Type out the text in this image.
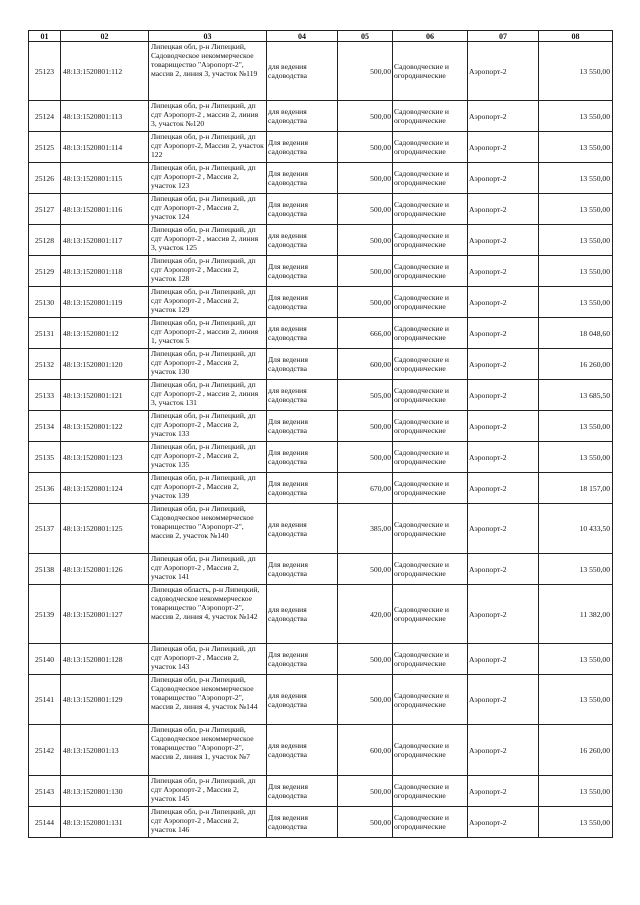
01	02	03	04	05	06	07	08
25123	48:13:1520801:112	Липецкая обл, р-н Липецкий, Садоводческое некоммерческое товарищество "Аэропорт-2", массив 2, линия 3, участок №119	для ведения садоводства	500,00	Садоводческие и огороднические	Аэропорт-2	13 550,00
25124	48:13:1520801:113	Липецкая обл, р-н Липецкий, дп сдт Аэропорт-2 , массив 2, линия 3, участок №120	для ведения садоводства	500,00	Садоводческие и огороднические	Аэропорт-2	13 550,00
25125	48:13:1520801:114	Липецкая обл, р-н Липецкий, дп сдт Аэропорт-2, Массив 2, участок 122	Для ведения садоводства	500,00	Садоводческие и огороднические	Аэропорт-2	13 550,00
25126	48:13:1520801:115	Липецкая обл, р-н Липецкий, дп сдт Аэропорт-2 , Массив 2, участок 123	Для ведения садоводства	500,00	Садоводческие и огороднические	Аэропорт-2	13 550,00
25127	48:13:1520801:116	Липецкая обл, р-н Липецкий, дп сдт Аэропорт-2 , Массив 2, участок 124	Для ведения садоводства	500,00	Садоводческие и огороднические	Аэропорт-2	13 550,00
25128	48:13:1520801:117	Липецкая обл, р-н Липецкий, дп сдт Аэропорт-2 , массив 2, линия 3, участок 125	для ведения садоводства	500,00	Садоводческие и огороднические	Аэропорт-2	13 550,00
25129	48:13:1520801:118	Липецкая обл, р-н Липецкий, дп сдт Аэропорт-2 , Массив 2, участок 128	Для ведения садоводства	500,00	Садоводческие и огороднические	Аэропорт-2	13 550,00
25130	48:13:1520801:119	Липецкая обл, р-н Липецкий, дп сдт Аэропорт-2 , Массив 2, участок 129	Для ведения садоводства	500,00	Садоводческие и огороднические	Аэропорт-2	13 550,00
25131	48:13:1520801:12	Липецкая обл, р-н Липецкий, дп сдт Аэропорт-2 , массив 2, линия 1, участок 5	для ведения садоводства	666,00	Садоводческие и огороднические	Аэропорт-2	18 048,60
25132	48:13:1520801:120	Липецкая обл, р-н Липецкий, дп сдт Аэропорт-2 , Массив 2, участок 130	Для ведения садоводства	600,00	Садоводческие и огороднические	Аэропорт-2	16 260,00
25133	48:13:1520801:121	Липецкая обл, р-н Липецкий, дп сдт Аэропорт-2 , массив 2, линия 3, участок 131	для ведения садоводства	505,00	Садоводческие и огороднические	Аэропорт-2	13 685,50
25134	48:13:1520801:122	Липецкая обл, р-н Липецкий, дп сдт Аэропорт-2 , Массив 2, участок 133	Для ведения садоводства	500,00	Садоводческие и огороднические	Аэропорт-2	13 550,00
25135	48:13:1520801:123	Липецкая обл, р-н Липецкий, дп сдт Аэропорт-2 , Массив 2, участок 135	Для ведения садоводства	500,00	Садоводческие и огороднические	Аэропорт-2	13 550,00
25136	48:13:1520801:124	Липецкая обл, р-н Липецкий, дп сдт Аэропорт-2 , Массив 2, участок 139	Для ведения садоводства	670,00	Садоводческие и огороднические	Аэропорт-2	18 157,00
25137	48:13:1520801:125	Липецкая обл, р-н Липецкий, Садоводческое некоммерческое товарищество "Аэропорт-2", массив 2, участок №140	для ведения садоводства	385,00	Садоводческие и огороднические	Аэропорт-2	10 433,50
25138	48:13:1520801:126	Липецкая обл, р-н Липецкий, дп сдт Аэропорт-2 , Массив 2, участок 141	Для ведения садоводства	500,00	Садоводческие и огороднические	Аэропорт-2	13 550,00
25139	48:13:1520801:127	Липецкая область, р-н Липецкий, садоводческое некоммерческое товарищество "Аэропорт-2", массив 2, линия 4, участок №142	для ведения садоводства	420,00	Садоводческие и огороднические	Аэропорт-2	11 382,00
25140	48:13:1520801:128	Липецкая обл, р-н Липецкий, дп сдт Аэропорт-2 , Массив 2, участок 143	Для ведения садоводства	500,00	Садоводческие и огороднические	Аэропорт-2	13 550,00
25141	48:13:1520801:129	Липецкая обл, р-н Липецкий, Садоводческое некоммерческое товарищество "Аэропорт-2", массив 2, линия 4, участок №144	для ведения садоводства	500,00	Садоводческие и огороднические	Аэропорт-2	13 550,00
25142	48:13:1520801:13	Липецкая обл, р-н Липецкий, Садоводческое некоммерческое товарищество "Аэропорт-2", массив 2, линия 1, участок №7	для ведения садоводства	600,00	Садоводческие и огороднические	Аэропорт-2	16 260,00
25143	48:13:1520801:130	Липецкая обл, р-н Липецкий, дп сдт Аэропорт-2 , Массив 2, участок 145	Для ведения садоводства	500,00	Садоводческие и огороднические	Аэропорт-2	13 550,00
25144	48:13:1520801:131	Липецкая обл, р-н Липецкий, дп сдт Аэропорт-2 , Массив 2, участок 146	Для ведения садоводства	500,00	Садоводческие и огороднические	Аэропорт-2	13 550,00
